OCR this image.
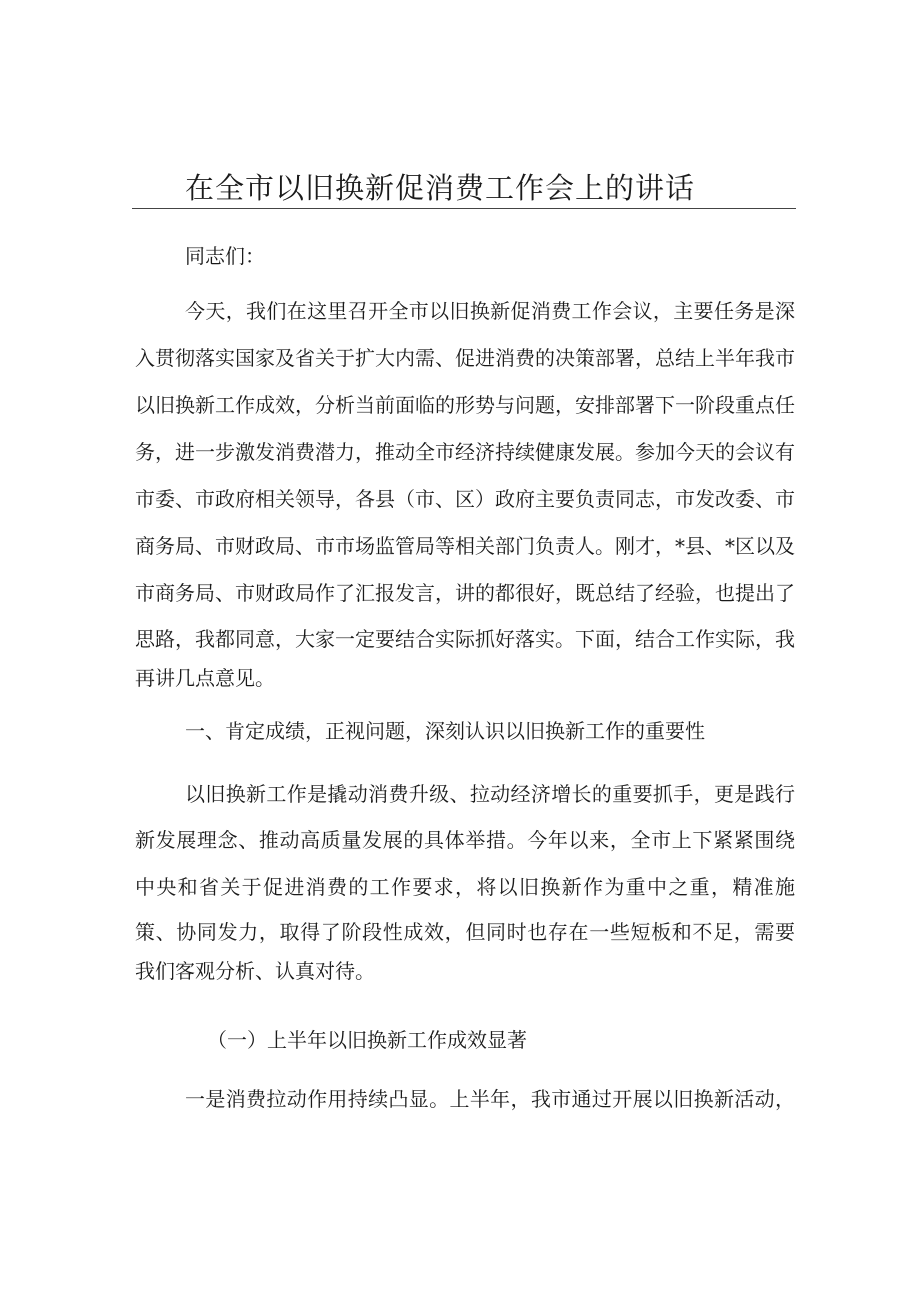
在全市以旧换新促消费工作会上的讲话
同志们：
今天，我们在这里召开全市以旧换新促消费工作会议，主要任务是深
入贯彻落实国家及省关于扩大内需、促进消费的决策部署，总结上半年我市
以旧换新工作成效，分析当前面临的形势与问题，安排部署下一阶段重点任
务，进一步激发消费潜力，推动全市经济持续健康发展。参加今天的会议有
市委、市政府相关领导，各县（市、区）政府主要负责同志，市发改委、市
商务局、市财政局、市市场监管局等相关部门负责人。刚才，*县、*区以及
市商务局、市财政局作了汇报发言，讲的都很好，既总结了经验，也提出了
思路，我都同意，大家一定要结合实际抓好落实。下面，结合工作实际，我
再讲几点意见。
一、肯定成绩，正视问题，深刻认识以旧换新工作的重要性
以旧换新工作是撬动消费升级、拉动经济增长的重要抓手，更是践行
新发展理念、推动高质量发展的具体举措。今年以来，全市上下紧紧围绕
中央和省关于促进消费的工作要求，将以旧换新作为重中之重，精准施
策、协同发力，取得了阶段性成效，但同时也存在一些短板和不足，需要
我们客观分析、认真对待。
（一）上半年以旧换新工作成效显著
一是消费拉动作用持续凸显。上半年，我市通过开展以旧换新活动，
